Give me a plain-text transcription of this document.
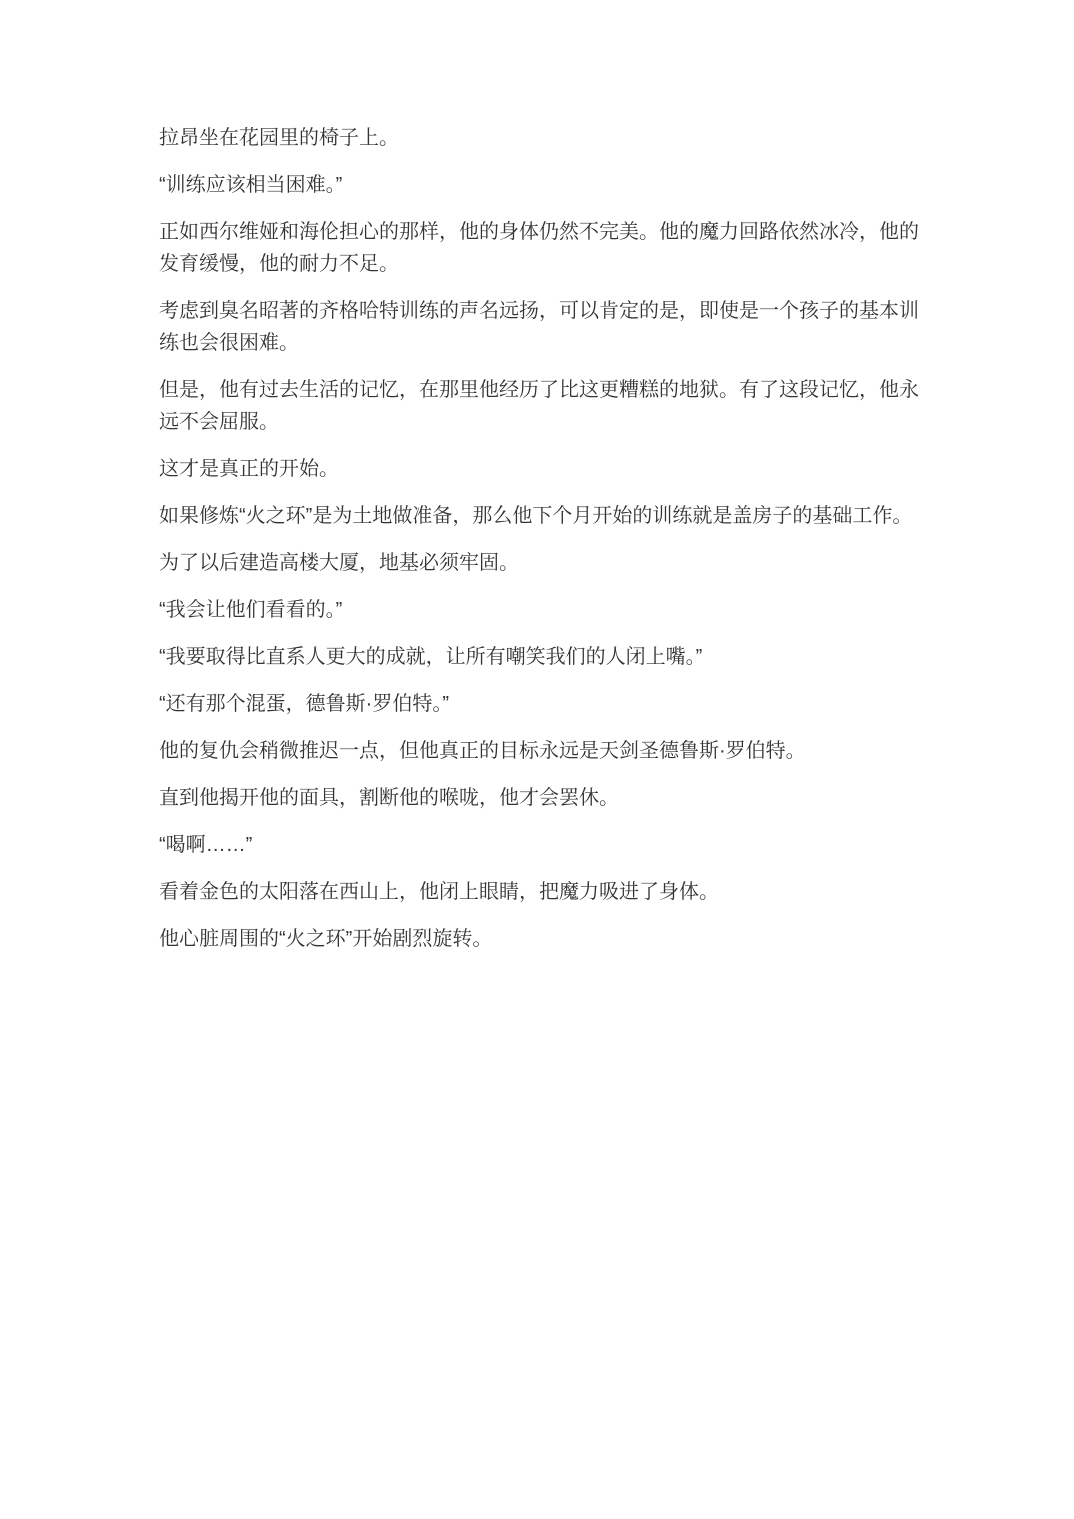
拉昂坐在花园里的椅子上。

“训练应该相当困难。”

正如西尔维娅和海伦担心的那样，他的身体仍然不完美。他的魔力回路依然冰冷，他的发育缓慢，他的耐力不足。

考虑到臭名昭著的齐格哈特训练的声名远扬，可以肯定的是，即使是一个孩子的基本训练也会很困难。

但是，他有过去生活的记忆，在那里他经历了比这更糟糕的地狱。有了这段记忆，他永远不会屈服。

这才是真正的开始。

如果修炼“火之环”是为土地做准备，那么他下个月开始的训练就是盖房子的基础工作。

为了以后建造高楼大厦，地基必须牢固。

“我会让他们看看的。”

“我要取得比直系人更大的成就，让所有嘲笑我们的人闭上嘴。”

“还有那个混蛋，德鲁斯·罗伯特。”

他的复仇会稍微推迟一点，但他真正的目标永远是天剑圣德鲁斯·罗伯特。

直到他揭开他的面具，割断他的喉咙，他才会罢休。

“喝啊……”

看着金色的太阳落在西山上，他闭上眼睛，把魔力吸进了身体。

他心脏周围的“火之环”开始剧烈旋转。
